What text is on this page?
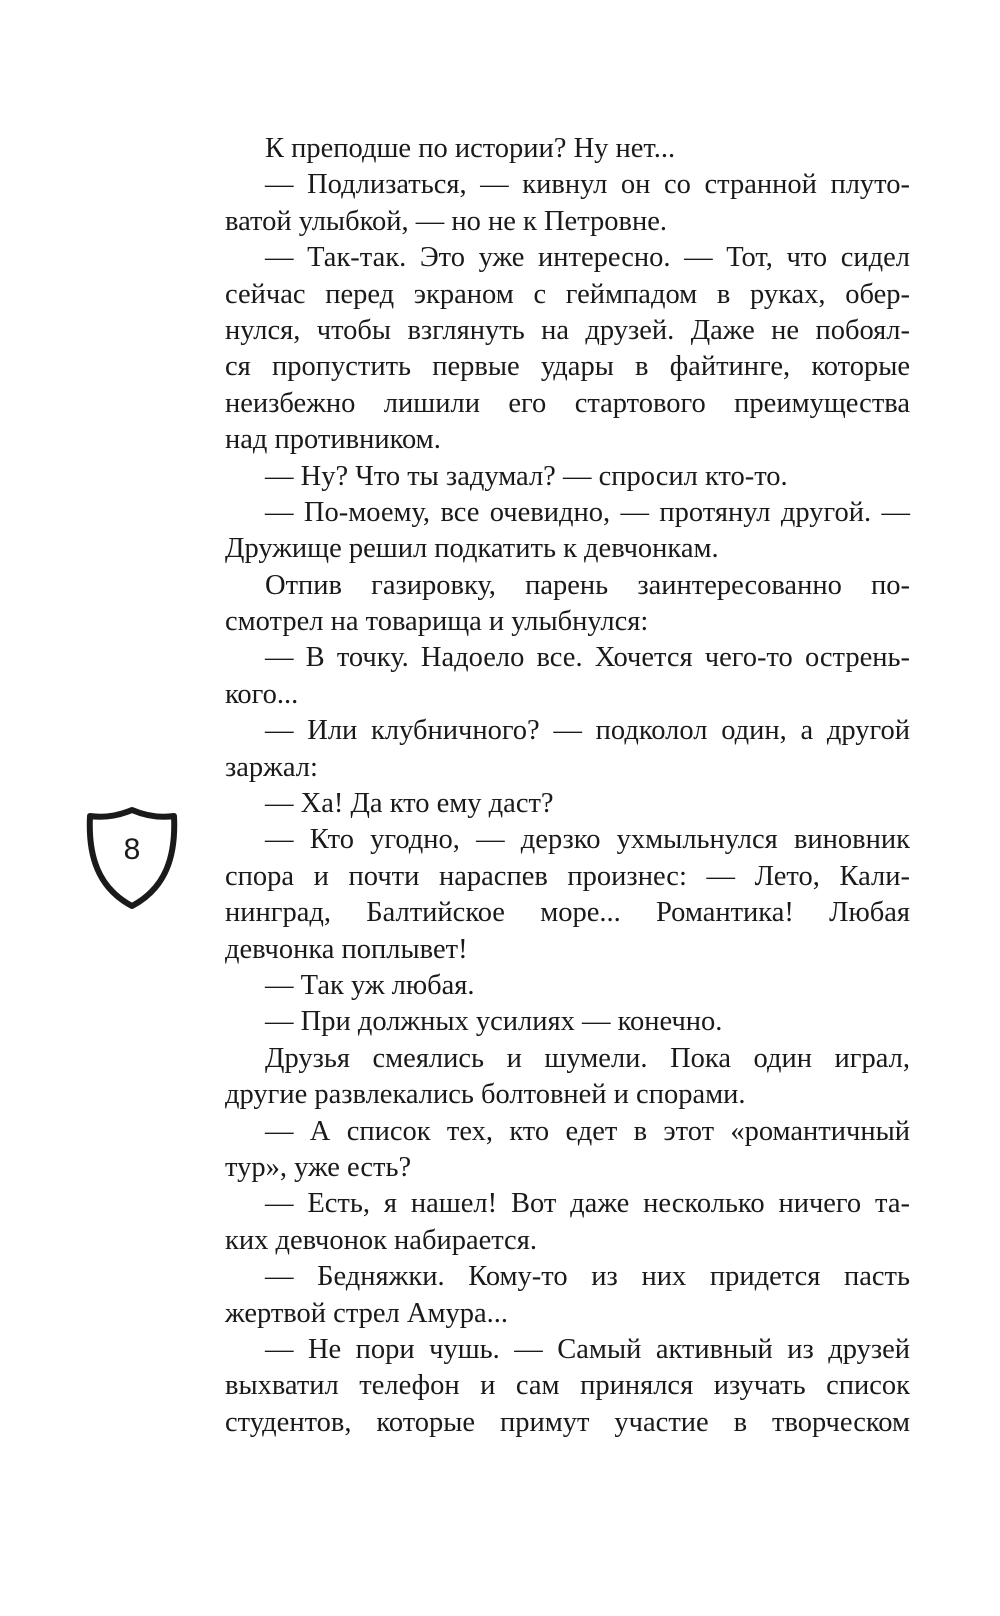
К преподше по истории? Ну нет...
— Подлизаться, — кивнул он со странной плуто-
ватой улыбкой, — но не к Петровне.
— Так-так. Это уже интересно. — Тот, что сидел
сейчас перед экраном с геймпадом в руках, обер-
нулся, чтобы взглянуть на друзей. Даже не побоял-
ся пропустить первые удары в файтинге, которые
неизбежно лишили его стартового преимущества
над противником.
— Ну? Что ты задумал? — спросил кто-то.
— По-моему, все очевидно, — протянул другой. —
Дружище решил подкатить к девчонкам.
Отпив газировку, парень заинтересованно по-
смотрел на товарища и улыбнулся:
— В точку. Надоело все. Хочется чего-то острень-
кого...
— Или клубничного? — подколол один, а другой
заржал:
— Ха! Да кто ему даст?
— Кто угодно, — дерзко ухмыльнулся виновник
спора и почти нараспев произнес: — Лето, Кали-
нинград, Балтийское море... Романтика! Любая
девчонка поплывет!
— Так уж любая.
— При должных усилиях — конечно.
Друзья смеялись и шумели. Пока один играл,
другие развлекались болтовней и спорами.
— А список тех, кто едет в этот «романтичный
тур», уже есть?
— Есть, я нашел! Вот даже несколько ничего та-
ких девчонок набирается.
— Бедняжки. Кому-то из них придется пасть
жертвой стрел Амура...
— Не пори чушь. — Самый активный из друзей
выхватил телефон и сам принялся изучать список
студентов, которые примут участие в творческом
8
